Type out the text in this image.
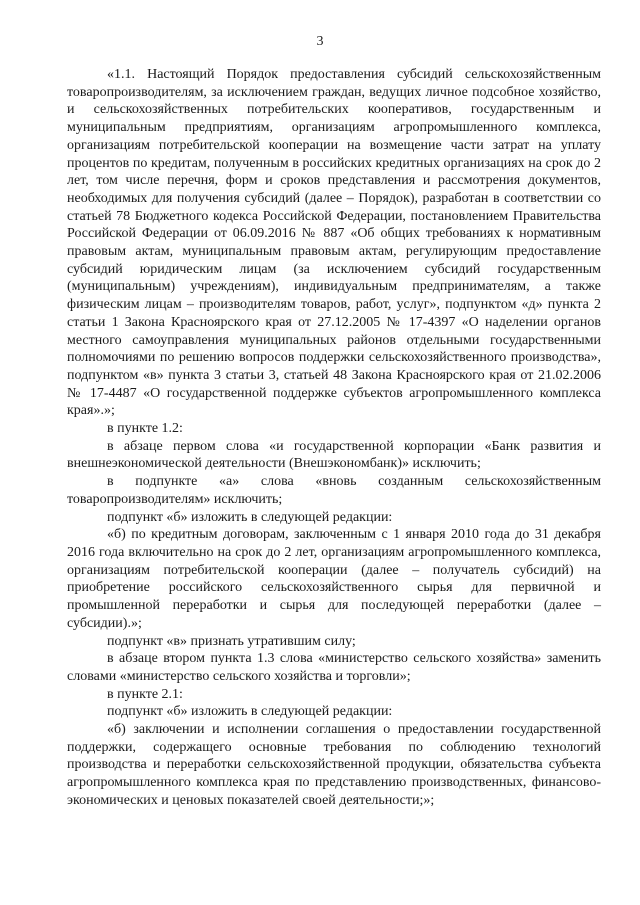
3

«1.1. Настоящий Порядок предоставления субсидий сельскохозяйственным товаропроизводителям, за исключением граждан, ведущих личное подсобное хозяйство, и сельскохозяйственных потребительских кооперативов, государственным и муниципальным предприятиям, организациям агропромышленного комплекса, организациям потребительской кооперации на возмещение части затрат на уплату процентов по кредитам, полученным в российских кредитных организациях на срок до 2 лет, том числе перечня, форм и сроков представления и рассмотрения документов, необходимых для получения субсидий (далее – Порядок), разработан в соответствии со статьей 78 Бюджетного кодекса Российской Федерации, постановлением Правительства Российской Федерации от 06.09.2016 № 887 «Об общих требованиях к нормативным правовым актам, муниципальным правовым актам, регулирующим предоставление субсидий юридическим лицам (за исключением субсидий государственным (муниципальным) учреждениям), индивидуальным предпринимателям, а также физическим лицам – производителям товаров, работ, услуг», подпунктом «д» пункта 2 статьи 1 Закона Красноярского края от 27.12.2005 № 17-4397 «О наделении органов местного самоуправления муниципальных районов отдельными государственными полномочиями по решению вопросов поддержки сельскохозяйственного производства», подпунктом «в» пункта 3 статьи 3, статьей 48 Закона Красноярского края от 21.02.2006 № 17-4487 «О государственной поддержке субъектов агропромышленного комплекса края».»;

в пункте 1.2:

в абзаце первом слова «и государственной корпорации «Банк развития и внешнеэкономической деятельности (Внешэкономбанк)» исключить;

в подпункте «а» слова «вновь созданным сельскохозяйственным товаропроизводителям» исключить;

подпункт «б» изложить в следующей редакции:

«б) по кредитным договорам, заключенным с 1 января 2010 года до 31 декабря 2016 года включительно на срок до 2 лет, организациям агропромышленного комплекса, организациям потребительской кооперации (далее – получатель субсидий) на приобретение российского сельскохозяйственного сырья для первичной и промышленной переработки и сырья для последующей переработки (далее – субсидии).»;

подпункт «в» признать утратившим силу;

в абзаце втором пункта 1.3 слова «министерство сельского хозяйства» заменить словами «министерство сельского хозяйства и торговли»;

в пункте 2.1:

подпункт «б» изложить в следующей редакции:

«б) заключении и исполнении соглашения о предоставлении государственной поддержки, содержащего основные требования по соблюдению технологий производства и переработки сельскохозяйственной продукции, обязательства субъекта агропромышленного комплекса края по представлению производственных, финансово-экономических и ценовых показателей своей деятельности;»;
